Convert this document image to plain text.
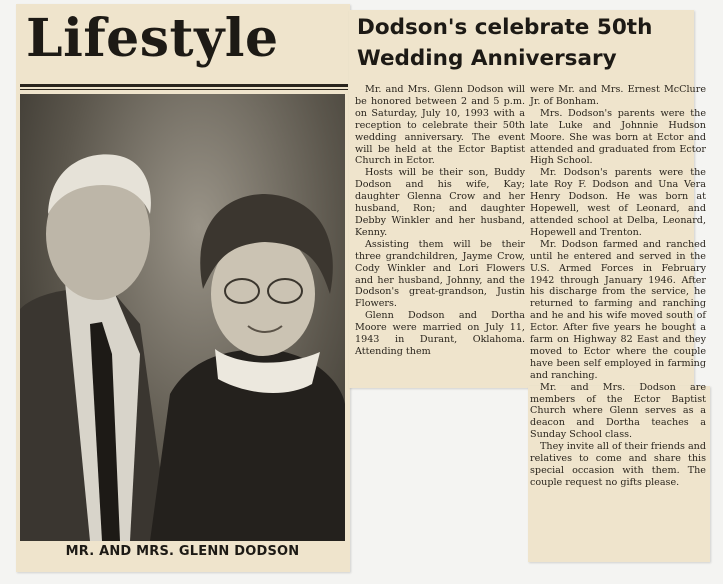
Lifestyle

MR. AND MRS. GLENN DODSON

Dodson's celebrate 50th
Wedding Anniversary

Mr. and Mrs. Glenn Dodson will be honored between 2 and 5 p.m. on Saturday, July 10, 1993 with a reception to celebrate their 50th wedding anniversary. The event will be held at the Ector Baptist Church in Ector.

Hosts will be their son, Buddy Dodson and his wife, Kay; daughter Glenna Crow and her husband, Ron; and daughter Debby Winkler and her husband, Kenny.

Assisting them will be their three grandchildren, Jayme Crow, Cody Winkler and Lori Flowers and her husband, Johnny, and the Dodson's great-grandson, Justin Flowers.

Glenn Dodson and Dortha Moore were married on July 11, 1943 in Durant, Oklahoma. Attending them

were Mr. and Mrs. Ernest McClure Jr. of Bonham.

Mrs. Dodson's parents were the late Luke and Johnnie Hudson Moore. She was born at Ector and attended and graduated from Ector High School.

Mr. Dodson's parents were the late Roy F. Dodson and Una Vera Henry Dodson. He was born at Hopewell, west of Leonard, and attended school at Delba, Leonard, Hopewell and Trenton.

Mr. Dodson farmed and ranched until he entered and served in the U.S. Armed Forces in February 1942 through January 1946. After his discharge from the service, he returned to farming and ranching and he and his wife moved south of Ector. After five years he bought a farm on Highway 82 East and they moved to Ector where the couple have been self employed in farming and ranching.

Mr. and Mrs. Dodson are members of the Ector Baptist Church where Glenn serves as a deacon and Dortha teaches a Sunday School class.

They invite all of their friends and relatives to come and share this special occasion with them. The couple request no gifts please.
